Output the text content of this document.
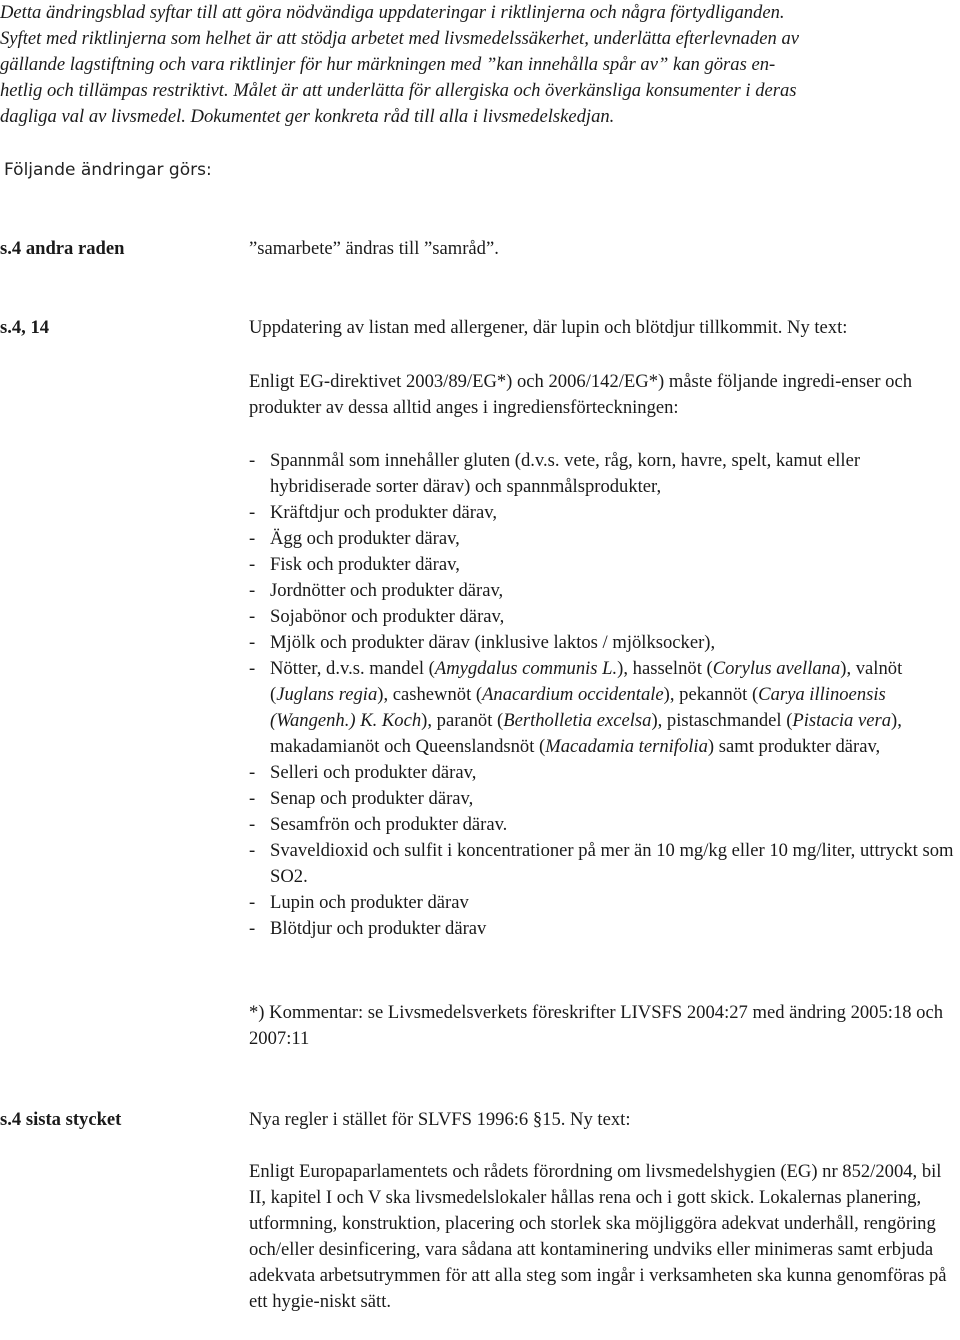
Detta ändringsblad syftar till att göra nödvändiga uppdateringar i riktlinjerna och några förtydliganden.

Syftet med riktlinjerna som helhet är att stödja arbetet med livsmedelssäkerhet, underlätta efterlevnaden av

gällande lagstiftning och vara riktlinjer för hur märkningen med ”kan innehålla spår av” kan göras en-

hetlig och tillämpas restriktivt. Målet är att underlätta för allergiska och överkänsliga konsumenter i deras

dagliga val av livsmedel. Dokumentet ger konkreta råd till alla i livsmedelskedjan.

Följande ändringar görs:

s.4 andra raden	”samarbete” ändras till ”samråd”.
s.4, 14	Uppdatering av listan med allergener, där lupin och blötdjur tillkommit. Ny text:
Enligt EG-direktivet 2003/89/EG*) och 2006/142/EG*) måste följande ingredi-enser och produkter av dessa alltid anges i ingrediensförteckningen:
- Spannmål som innehåller gluten (d.v.s. vete, råg, korn, havre, spelt, kamut eller hybridiserade sorter därav) och spannmålsprodukter,
- Kräftdjur och produkter därav,
- Ägg och produkter därav,
- Fisk och produkter därav,
- Jordnötter och produkter därav,
- Sojabönor och produkter därav,
- Mjölk och produkter därav (inklusive laktos / mjölksocker),
- Nötter, d.v.s. mandel (Amygdalus communis L.), hasselnöt (Corylus avellana), valnöt (Juglans regia), cashewnöt (Anacardium occidentale), pekannöt (Carya illinoensis (Wangenh.) K. Koch), paranöt (Bertholletia excelsa), pistaschmandel (Pistacia vera), makadamianöt och Queenslandsnöt (Macadamia ternifolia) samt produkter därav,
- Selleri och produkter därav,
- Senap och produkter därav,
- Sesamfrön och produkter därav.
- Svaveldioxid och sulfit i koncentrationer på mer än 10 mg/kg eller 10 mg/liter, uttryckt som SO2.
- Lupin och produkter därav
- Blötdjur och produkter därav
*) Kommentar: se Livsmedelsverkets föreskrifter LIVSFS 2004:27 med ändring 2005:18 och 2007:11
s.4 sista stycket	Nya regler i stället för SLVFS 1996:6 §15. Ny text:
Enligt Europaparlamentets och rådets förordning om livsmedelshygien (EG) nr 852/2004, bil II, kapitel I och V ska livsmedelslokaler hållas rena och i gott skick. Lokalernas planering, utformning, konstruktion, placering och storlek ska möjliggöra adekvat underhåll, rengöring och/eller desinficering, vara sådana att kontaminering undviks eller minimeras samt erbjuda adekvata arbetsutrymmen för att alla steg som ingår i verksamheten ska kunna genomföras på ett hygie-niskt sätt.
